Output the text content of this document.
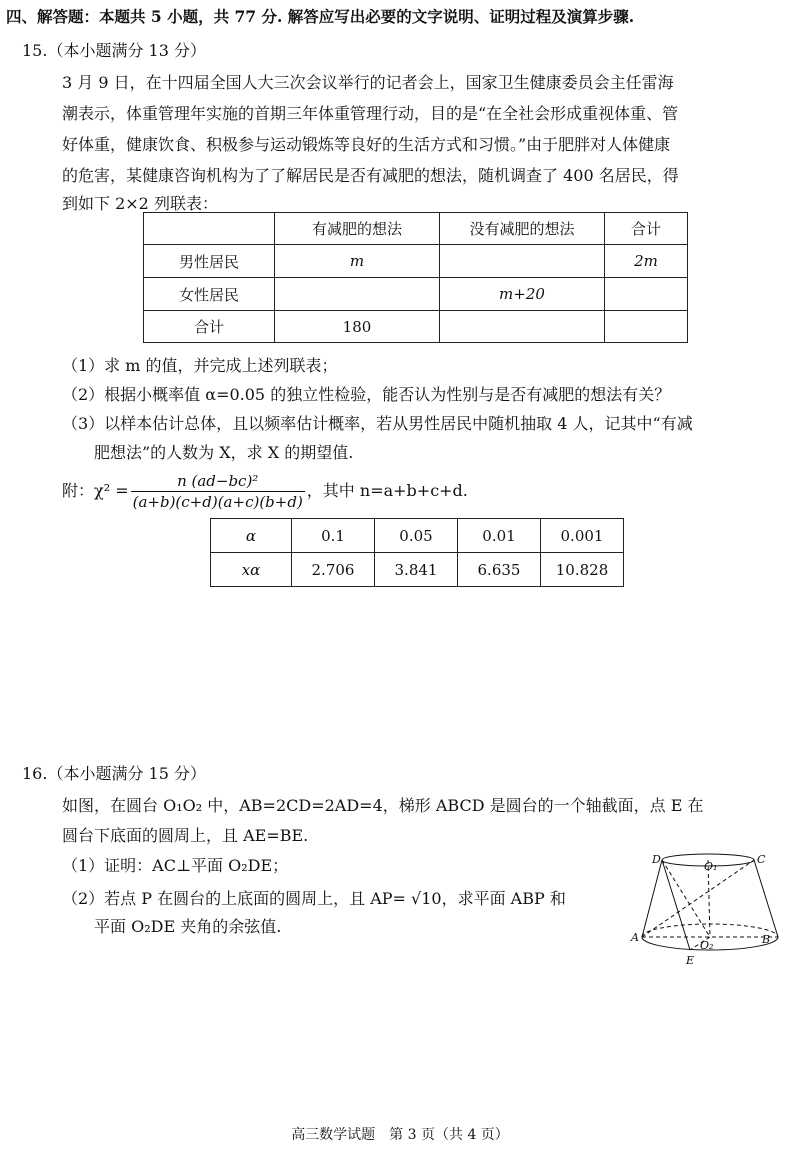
四、解答题：本题共 5 小题，共 77 分. 解答应写出必要的文字说明、证明过程及演算步骤.
15.（本小题满分 13 分）
3 月 9 日，在十四届全国人大三次会议举行的记者会上，国家卫生健康委员会主任雷海
潮表示，体重管理年实施的首期三年体重管理行动，目的是“在全社会形成重视体重、管
好体重，健康饮食、积极参与运动锻炼等良好的生活方式和习惯。”由于肥胖对人体健康
的危害，某健康咨询机构为了了解居民是否有减肥的想法，随机调查了 400 名居民，得
到如下 2×2 列联表：
	有减肥的想法	没有减肥的想法	合计
男性居民	m		2m
女性居民		m+20	
合计	180		
（1）求 m 的值，并完成上述列联表；
（2）根据小概率值 α=0.05 的独立性检验，能否认为性别与是否有减肥的想法有关？
（3）以样本估计总体，且以频率估计概率，若从男性居民中随机抽取 4 人，记其中“有减
肥想法”的人数为 X，求 X 的期望值.
附：$\chi^2 = \frac{\text{n (ad−bc)²}}{(a+b)(c+d)(a+c)(b+d)}$ ，其中 n=a+b+c+d.
α	0.1	0.05	0.01	0.001
xα	2.706	3.841	6.635	10.828
16.（本小题满分 15 分）
如图，在圆台 O₁O₂ 中，AB=2CD=2AD=4，梯形 ABCD 是圆台的一个轴截面，点 E 在
圆台下底面的圆周上，且 AE=BE.
（1）证明：AC⊥平面 O₂DE；
（2）若点 P 在圆台的上底面的圆周上，且 AP= √10，求平面 ABP 和
平面 O₂DE 夹角的余弦值.
D
O₁
C
A
O₂	B
E
高三数学试题　第 3 页（共 4 页）
